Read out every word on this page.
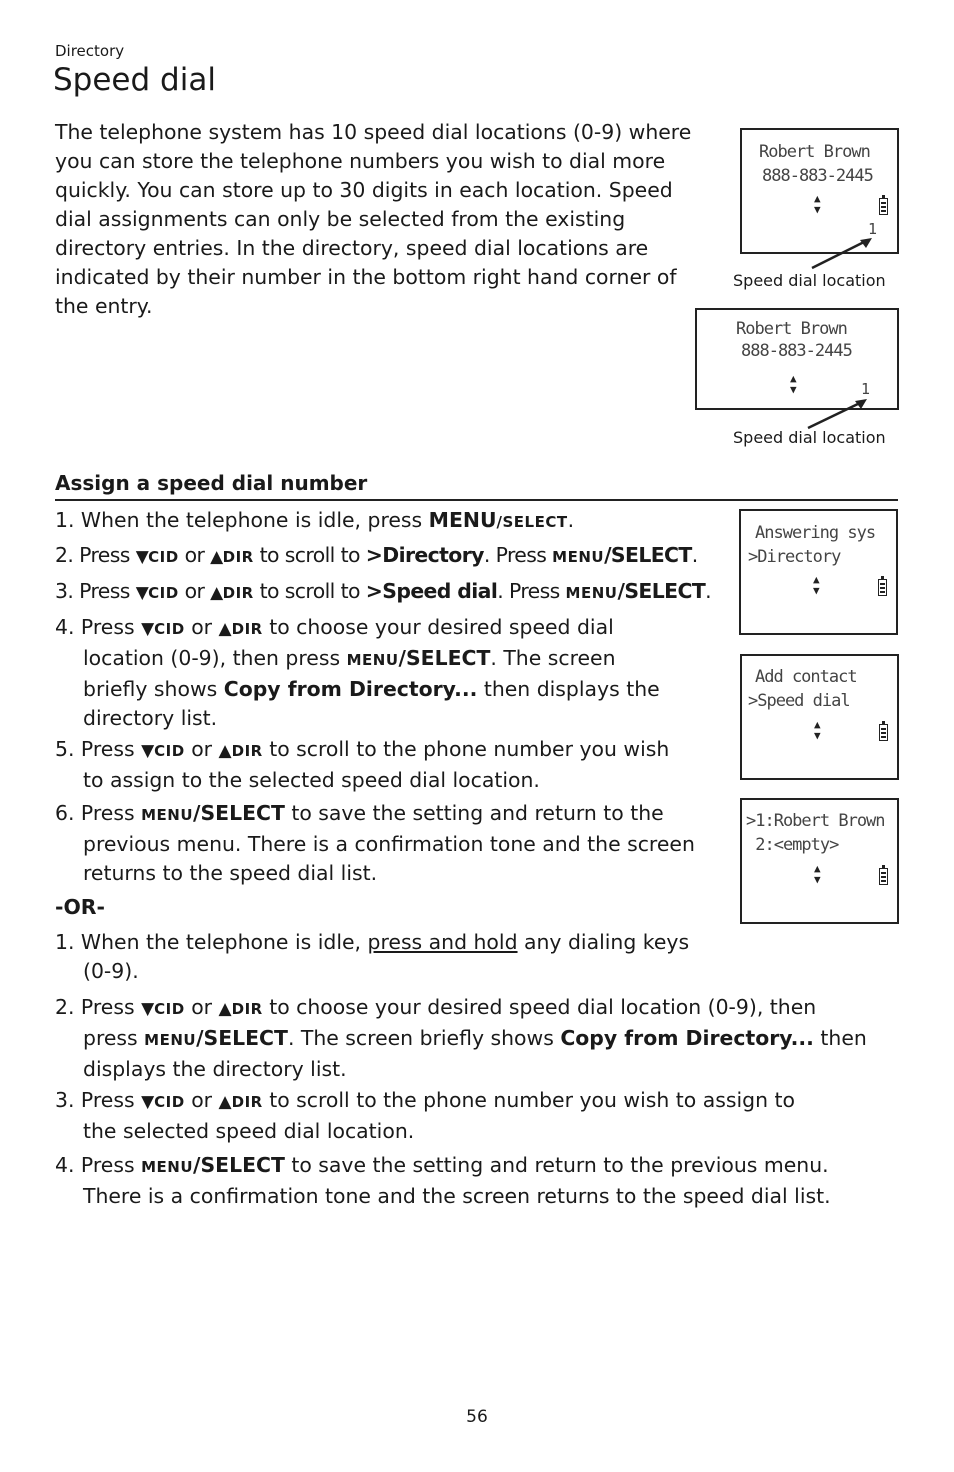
Directory
Speed dial
The telephone system has 10 speed dial locations (0-9) where you can store the telephone numbers you wish to dial more quickly. You can store up to 30 digits in each location. Speed dial assignments can only be selected from the existing directory entries. In the directory, speed dial locations are indicated by their number in the bottom right hand corner of the entry.
Robert Brown
888-883-2445
▲
▼
1
Speed dial location
Robert Brown
888-883-2445
▲
▼	1
Speed dial location
Assign a speed dial number
Answering sys
>Directory
▲
▼
Add contact
>Speed dial
▲
▼
>1:Robert Brown
2:<empty>
▲
▼
1. When the telephone is idle, press MENU/SELECT.
2. Press ▼CID or ▲DIR to scroll to >Directory. Press MENU/SELECT.
3. Press ▼CID or ▲DIR to scroll to >Speed dial. Press MENU/SELECT.
4. Press ▼CID or ▲DIR to choose your desired speed dial
location (0-9), then press MENU/SELECT. The screen
briefly shows Copy from Directory... then displays the
directory list.
5. Press ▼CID or ▲DIR to scroll to the phone number you wish
to assign to the selected speed dial location.
6. Press MENU/SELECT to save the setting and return to the
previous menu. There is a confirmation tone and the screen
returns to the speed dial list.
-OR-
1. When the telephone is idle, press and hold any dialing keys
(0-9).
2. Press ▼CID or ▲DIR to choose your desired speed dial location (0-9), then
press MENU/SELECT. The screen briefly shows Copy from Directory... then
displays the directory list.
3. Press ▼CID or ▲DIR to scroll to the phone number you wish to assign to
the selected speed dial location.
4. Press MENU/SELECT to save the setting and return to the previous menu.
There is a confirmation tone and the screen returns to the speed dial list.
56
